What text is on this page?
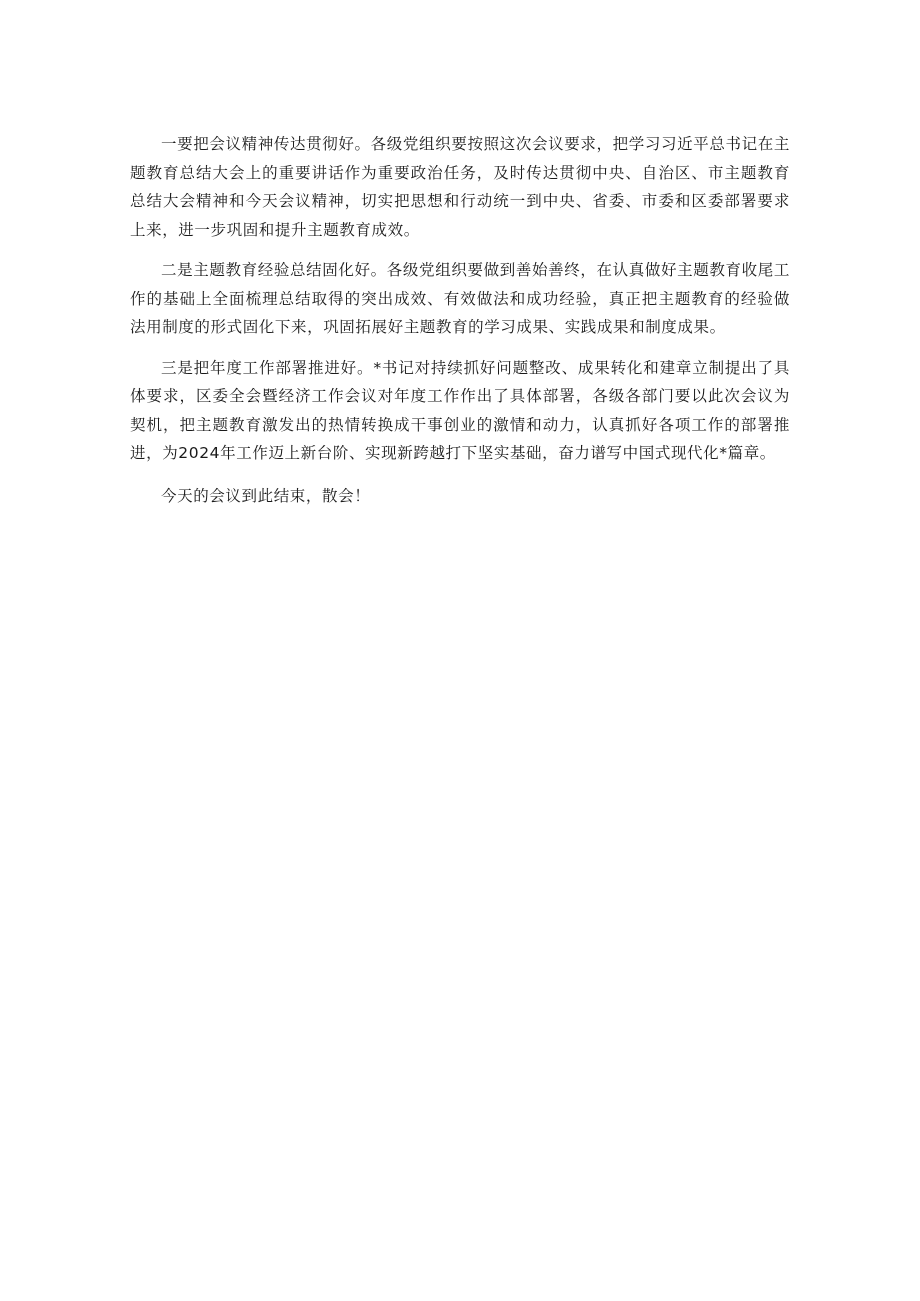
一要把会议精神传达贯彻好。各级党组织要按照这次会议要求，把学习习近平总书记在主题教育总结大会上的重要讲话作为重要政治任务，及时传达贯彻中央、自治区、市主题教育总结大会精神和今天会议精神，切实把思想和行动统一到中央、省委、市委和区委部署要求上来，进一步巩固和提升主题教育成效。

二是主题教育经验总结固化好。各级党组织要做到善始善终，在认真做好主题教育收尾工作的基础上全面梳理总结取得的突出成效、有效做法和成功经验，真正把主题教育的经验做法用制度的形式固化下来，巩固拓展好主题教育的学习成果、实践成果和制度成果。

三是把年度工作部署推进好。*书记对持续抓好问题整改、成果转化和建章立制提出了具体要求，区委全会暨经济工作会议对年度工作作出了具体部署，各级各部门要以此次会议为契机，把主题教育激发出的热情转换成干事创业的激情和动力，认真抓好各项工作的部署推进，为2024年工作迈上新台阶、实现新跨越打下坚实基础，奋力谱写中国式现代化*篇章。

今天的会议到此结束，散会！
